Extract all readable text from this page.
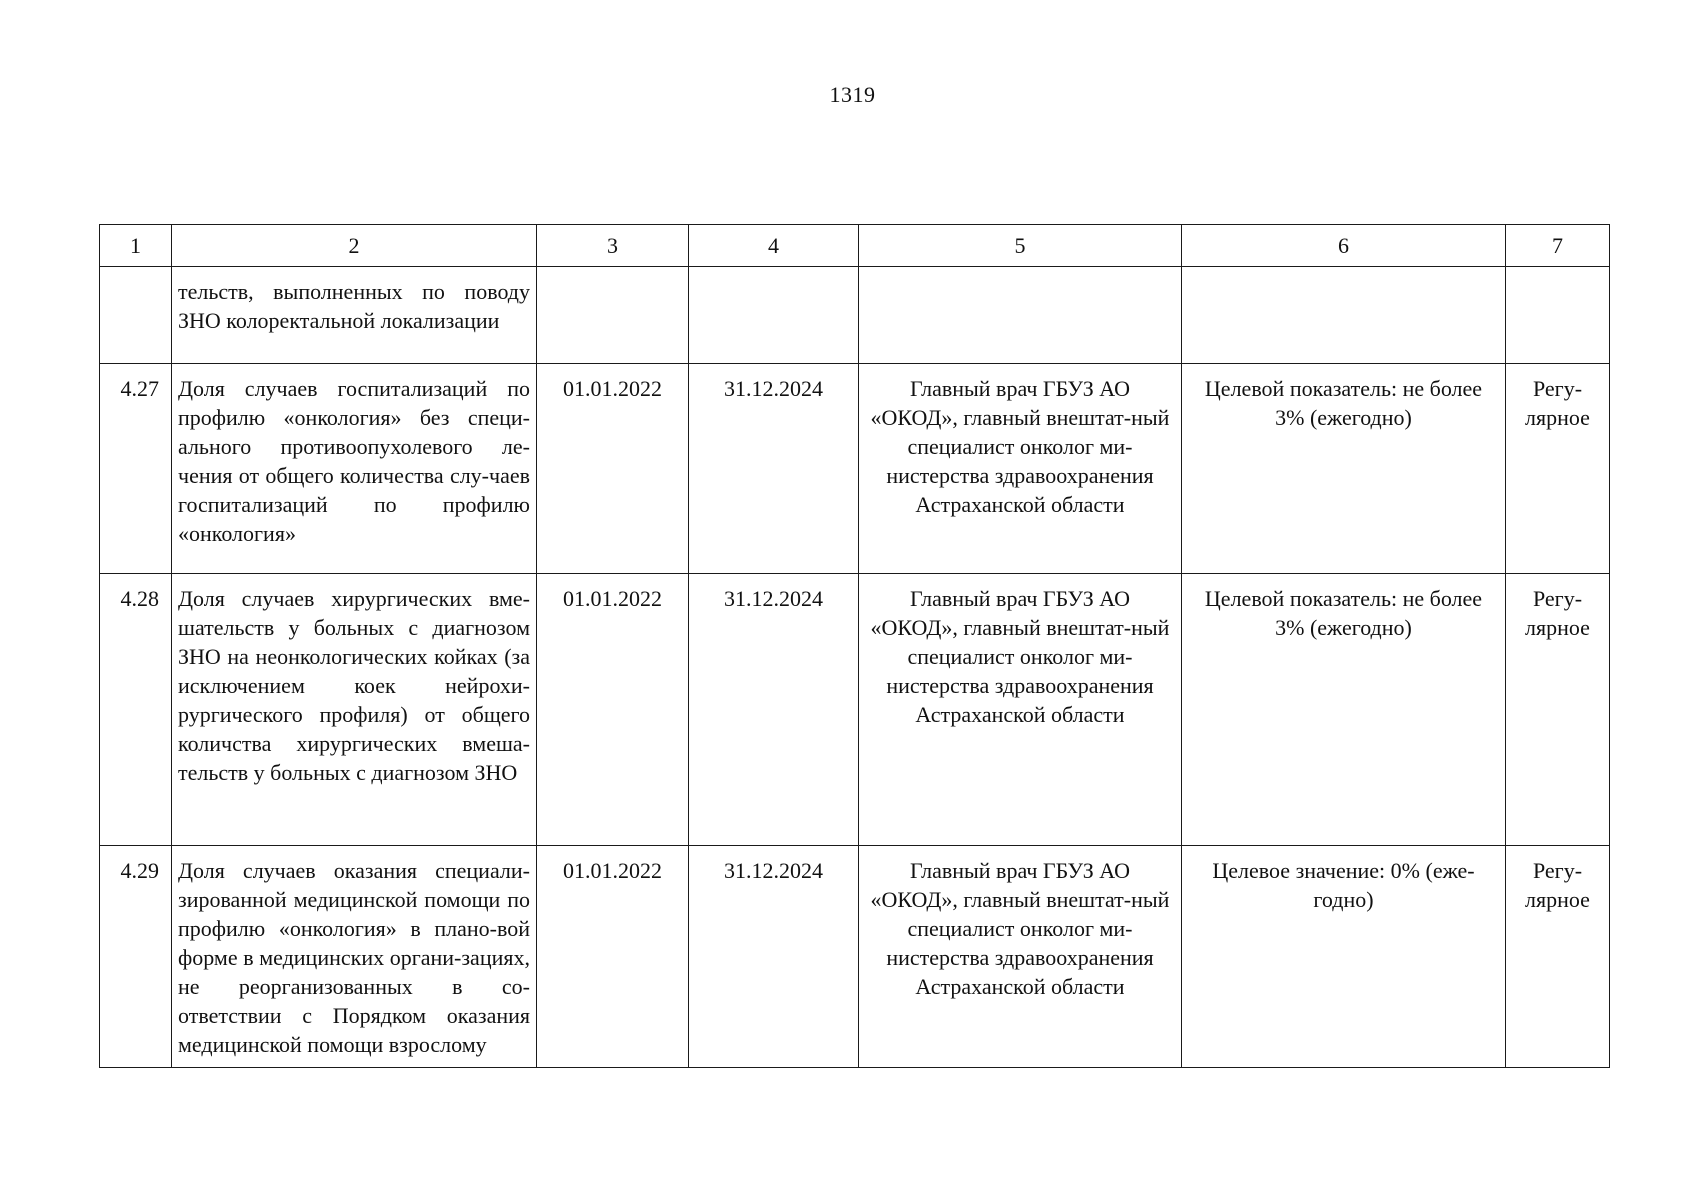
1319
1	2	3	4	5	6	7
	тельств, выполненных по поводу ЗНО колоректальной локализации					
4.27	Доля случаев госпитализаций по профилю «онкология» без специ-ального противоопухолевого ле-чения от общего количества слу-чаев госпитализаций по профилю «онкология»	01.01.2022	31.12.2024	Главный врач ГБУЗ АО «ОКОД», главный внештат-ный специалист онколог ми-нистерства здравоохранения Астраханской области	Целевой показатель: не более 3% (ежегодно)	Регу-лярное
4.28	Доля случаев хирургических вме-шательств у больных с диагнозом ЗНО на неонкологических койках (за исключением коек нейрохи-рургического профиля) от общего количства хирургических вмеша-тельств у больных с диагнозом ЗНО	01.01.2022	31.12.2024	Главный врач ГБУЗ АО «ОКОД», главный внештат-ный специалист онколог ми-нистерства здравоохранения Астраханской области	Целевой показатель: не более 3% (ежегодно)	Регу-лярное
4.29	Доля случаев оказания специали-зированной медицинской помощи по профилю «онкология» в плано-вой форме в медицинских органи-зациях, не реорганизованных в со-ответствии с Порядком оказания медицинской помощи взрослому	01.01.2022	31.12.2024	Главный врач ГБУЗ АО «ОКОД», главный внештат-ный специалист онколог ми-нистерства здравоохранения Астраханской области	Целевое значение: 0% (еже-годно)	Регу-лярное
